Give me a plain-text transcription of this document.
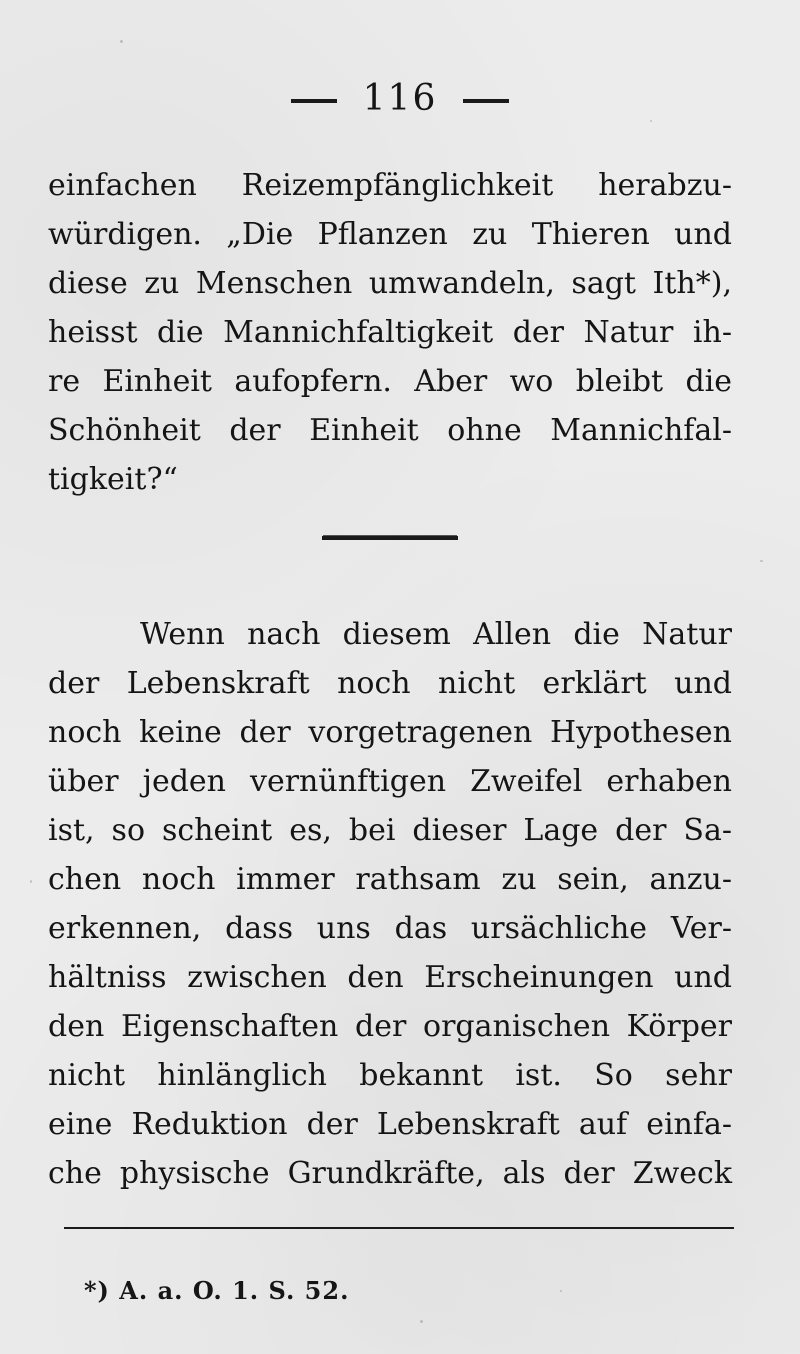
116
einfachen Reizempfänglichkeit herabzu-
würdigen. „Die Pflanzen zu Thieren und
diese zu Menschen umwandeln, sagt Ith*),
heisst die Mannichfaltigkeit der Natur ih-
re Einheit aufopfern. Aber wo bleibt die
Schönheit der Einheit ohne Mannichfal-
tigkeit?“
Wenn nach diesem Allen die Natur
der Lebenskraft noch nicht erklärt und
noch keine der vorgetragenen Hypothesen
über jeden vernünftigen Zweifel erhaben
ist, so scheint es, bei dieser Lage der Sa-
chen noch immer rathsam zu sein, anzu-
erkennen, dass uns das ursächliche Ver-
hältniss zwischen den Erscheinungen und
den Eigenschaften der organischen Körper
nicht hinlänglich bekannt ist. So sehr
eine Reduktion der Lebenskraft auf einfa-
che physische Grundkräfte, als der Zweck
*) A. a. O. 1. S. 52.
